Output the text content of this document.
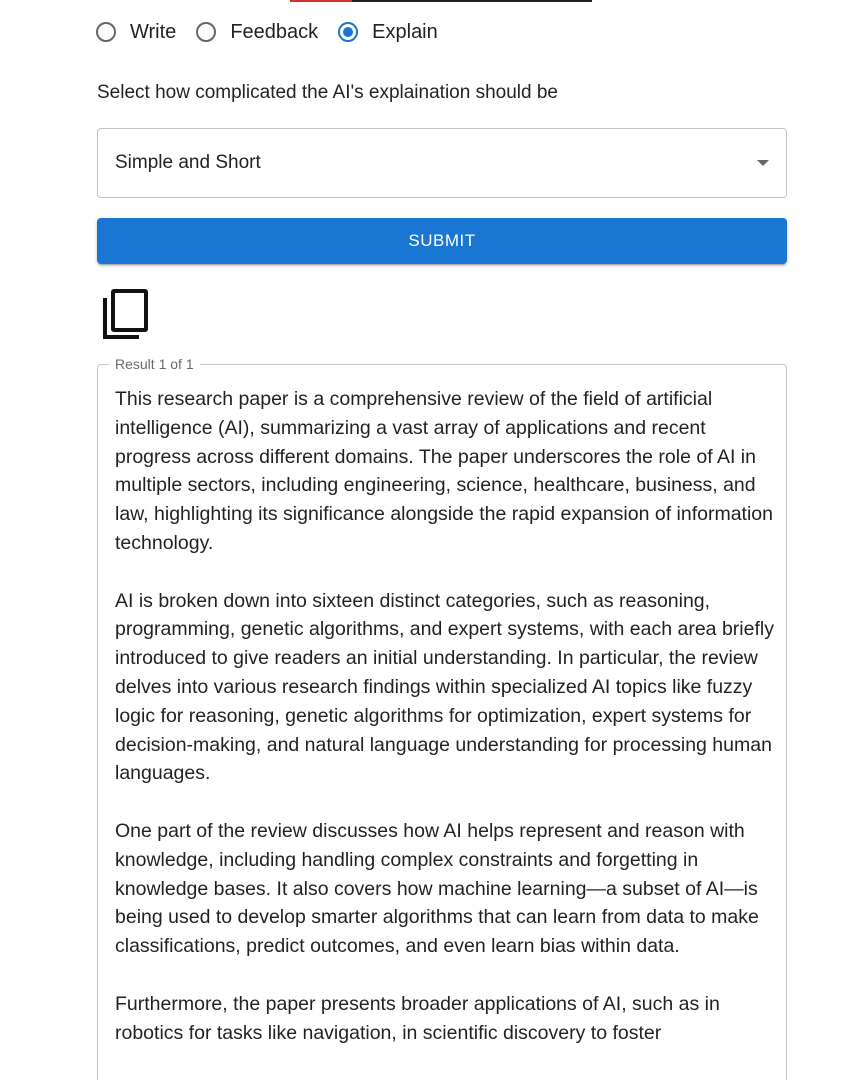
Write	Feedback	Explain
Select how complicated the AI's explaination should be
Simple and Short
SUBMIT
Result 1 of 1

This research paper is a comprehensive review of the field of artificial intelligence (AI), summarizing a vast array of applications and recent progress across different domains. The paper underscores the role of AI in multiple sectors, including engineering, science, healthcare, business, and law, highlighting its significance alongside the rapid expansion of information technology.

AI is broken down into sixteen distinct categories, such as reasoning, programming, genetic algorithms, and expert systems, with each area briefly introduced to give readers an initial understanding. In particular, the review delves into various research findings within specialized AI topics like fuzzy logic for reasoning, genetic algorithms for optimization, expert systems for decision-making, and natural language understanding for processing human languages.

One part of the review discusses how AI helps represent and reason with knowledge, including handling complex constraints and forgetting in knowledge bases. It also covers how machine learning—a subset of AI—is being used to develop smarter algorithms that can learn from data to make classifications, predict outcomes, and even learn bias within data.

Furthermore, the paper presents broader applications of AI, such as in robotics for tasks like navigation, in scientific discovery to foster
